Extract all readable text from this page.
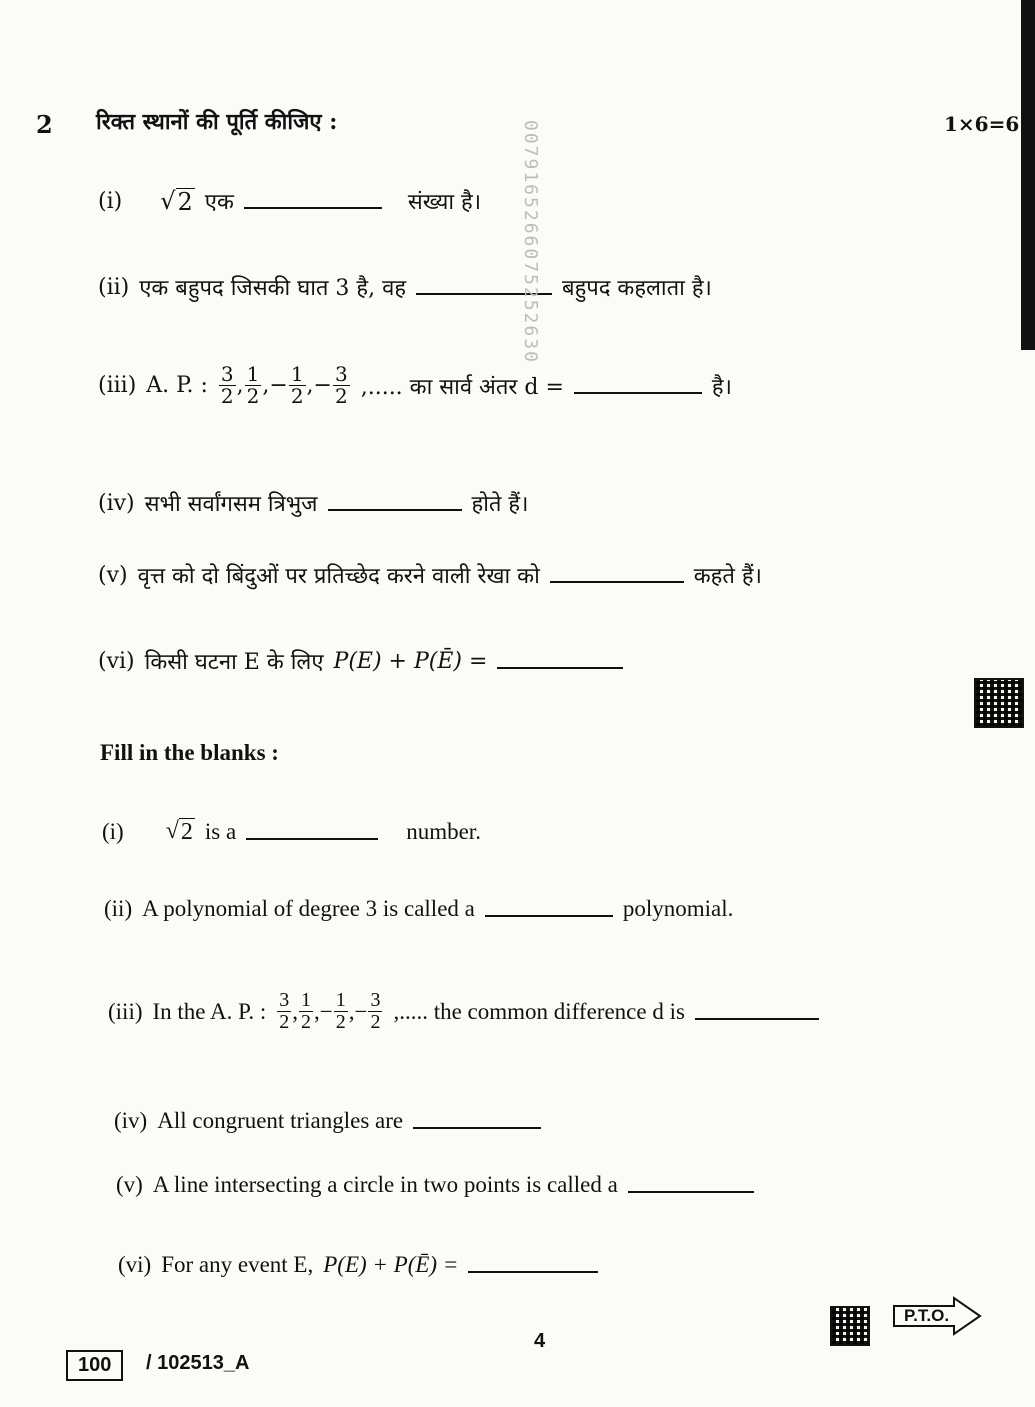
2 रिक्त स्थानों की पूर्ति कीजिए :	1×6=6
(i) √ 2 एक	संख्या है।
(ii) एक बहुपद जिसकी घात 3 है, वह	बहुपद कहलाता है।
(iii) A. P. : $\frac{3}{2}$ , $\frac{1}{2}$ , − $\frac{1}{2}$ , − $\frac{3}{2}$ ,..... का सार्व अंतर d =	है।
(iv) सभी सर्वांगसम त्रिभुज	होते हैं।
(v) वृत्त को दो बिंदुओं पर प्रतिच्छेद करने वाली रेखा को	कहते हैं।
(vi) किसी घटना E के लिए P(E) + P(Ē) =
Fill in the blanks :
(i) √ 2 is a	number.
(ii) A polynomial of degree 3 is called a	polynomial.
(iii) In the A. P. : $\frac{3}{2}$ , $\frac{1}{2}$ , − $\frac{1}{2}$ , − $\frac{3}{2}$ ,..... the common difference d is
(iv) All congruent triangles are
(v) A line intersecting a circle in two points is called a
(vi) For any event E, P(E) + P(Ē) =
0079165266075252630
4
100	/ 102513_A
P.T.O.
